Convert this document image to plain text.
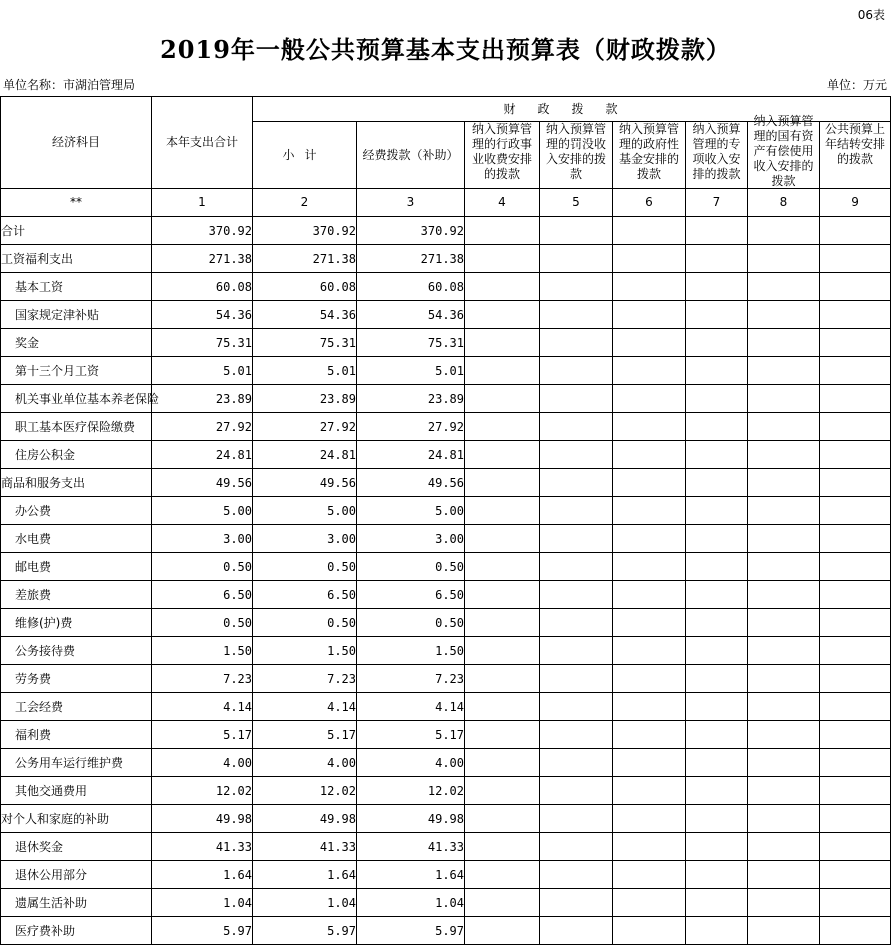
06表
2019年一般公共预算基本支出预算表（财政拨款）
单位名称：市湖泊管理局	单位：万元
经济科目	本年支出合计	财政拨款							
		小计	经费拨款（补助）	纳入预算管理的行政事业收费安排的拨款	纳入预算管理的罚没收入安排的拨款	纳入预算管理的政府性基金安排的拨款	纳入预算管理的专项收入安排的拨款	纳入预算管理的国有资产有偿使用收入安排的拨款	公共预算上年结转安排的拨款

**	1	2	3	4	5	6	7	8	9
合计	370.92	370.92	370.92						
工资福利支出	271.38	271.38	271.38						
基本工资	60.08	60.08	60.08						
国家规定津补贴	54.36	54.36	54.36						
奖金	75.31	75.31	75.31						
第十三个月工资	5.01	5.01	5.01						
机关事业单位基本养老保险	23.89	23.89	23.89						
职工基本医疗保险缴费	27.92	27.92	27.92						
住房公积金	24.81	24.81	24.81						
商品和服务支出	49.56	49.56	49.56						
办公费	5.00	5.00	5.00						
水电费	3.00	3.00	3.00						
邮电费	0.50	0.50	0.50						
差旅费	6.50	6.50	6.50						
维修(护)费	0.50	0.50	0.50						
公务接待费	1.50	1.50	1.50						
劳务费	7.23	7.23	7.23						
工会经费	4.14	4.14	4.14						
福利费	5.17	5.17	5.17						
公务用车运行维护费	4.00	4.00	4.00						
其他交通费用	12.02	12.02	12.02						
对个人和家庭的补助	49.98	49.98	49.98						
退休奖金	41.33	41.33	41.33						
退休公用部分	1.64	1.64	1.64						
遗属生活补助	1.04	1.04	1.04						
医疗费补助	5.97	5.97	5.97						
